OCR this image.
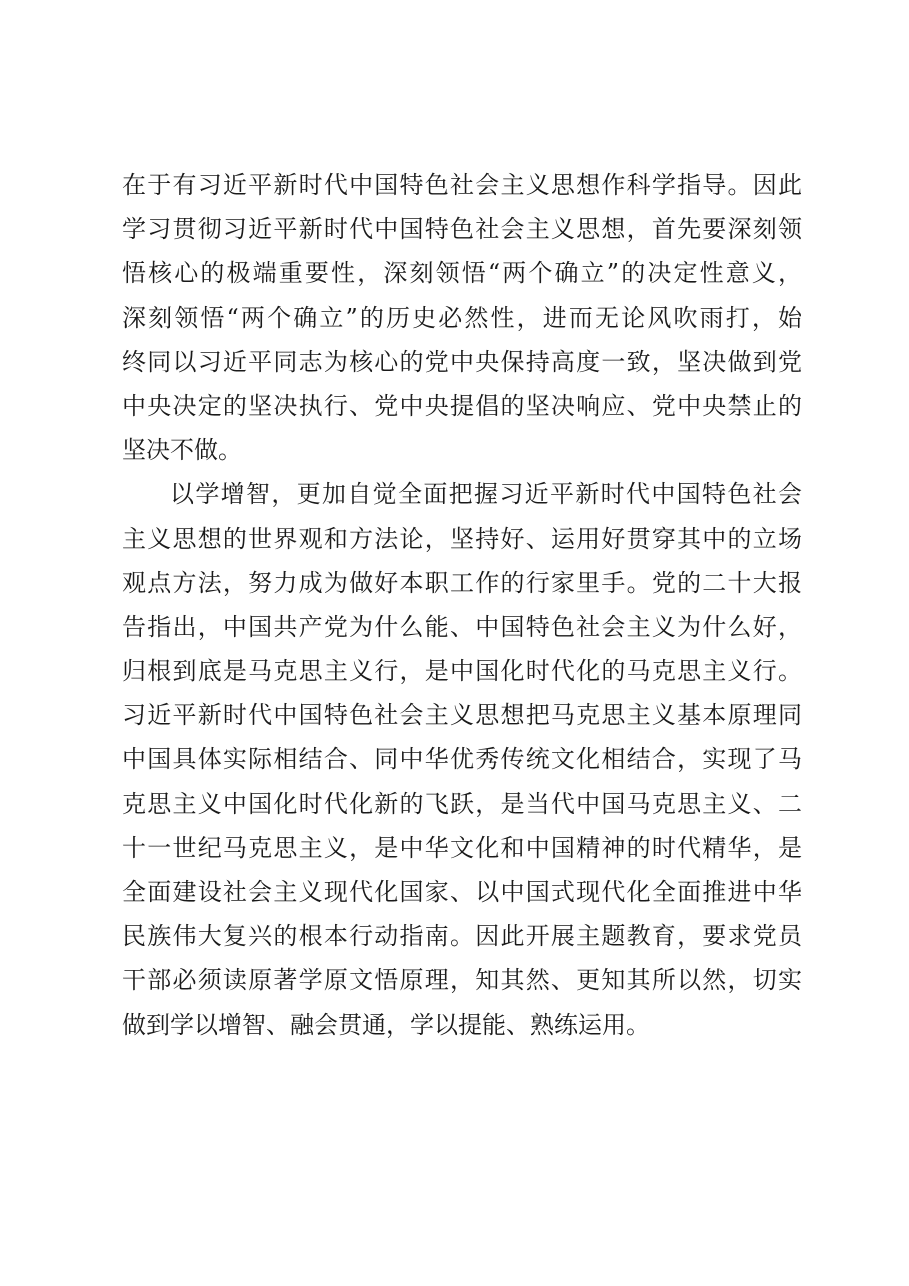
在于有习近平新时代中国特色社会主义思想作科学指导。因此
学习贯彻习近平新时代中国特色社会主义思想，首先要深刻领
悟核心的极端重要性，深刻领悟“两个确立”的决定性意义，
深刻领悟“两个确立”的历史必然性，进而无论风吹雨打，始
终同以习近平同志为核心的党中央保持高度一致，坚决做到党
中央决定的坚决执行、党中央提倡的坚决响应、党中央禁止的
坚决不做。
以学增智，更加自觉全面把握习近平新时代中国特色社会
主义思想的世界观和方法论，坚持好、运用好贯穿其中的立场
观点方法，努力成为做好本职工作的行家里手。党的二十大报
告指出，中国共产党为什么能、中国特色社会主义为什么好，
归根到底是马克思主义行，是中国化时代化的马克思主义行。
习近平新时代中国特色社会主义思想把马克思主义基本原理同
中国具体实际相结合、同中华优秀传统文化相结合，实现了马
克思主义中国化时代化新的飞跃，是当代中国马克思主义、二
十一世纪马克思主义，是中华文化和中国精神的时代精华，是
全面建设社会主义现代化国家、以中国式现代化全面推进中华
民族伟大复兴的根本行动指南。因此开展主题教育，要求党员
干部必须读原著学原文悟原理，知其然、更知其所以然，切实
做到学以增智、融会贯通，学以提能、熟练运用。
